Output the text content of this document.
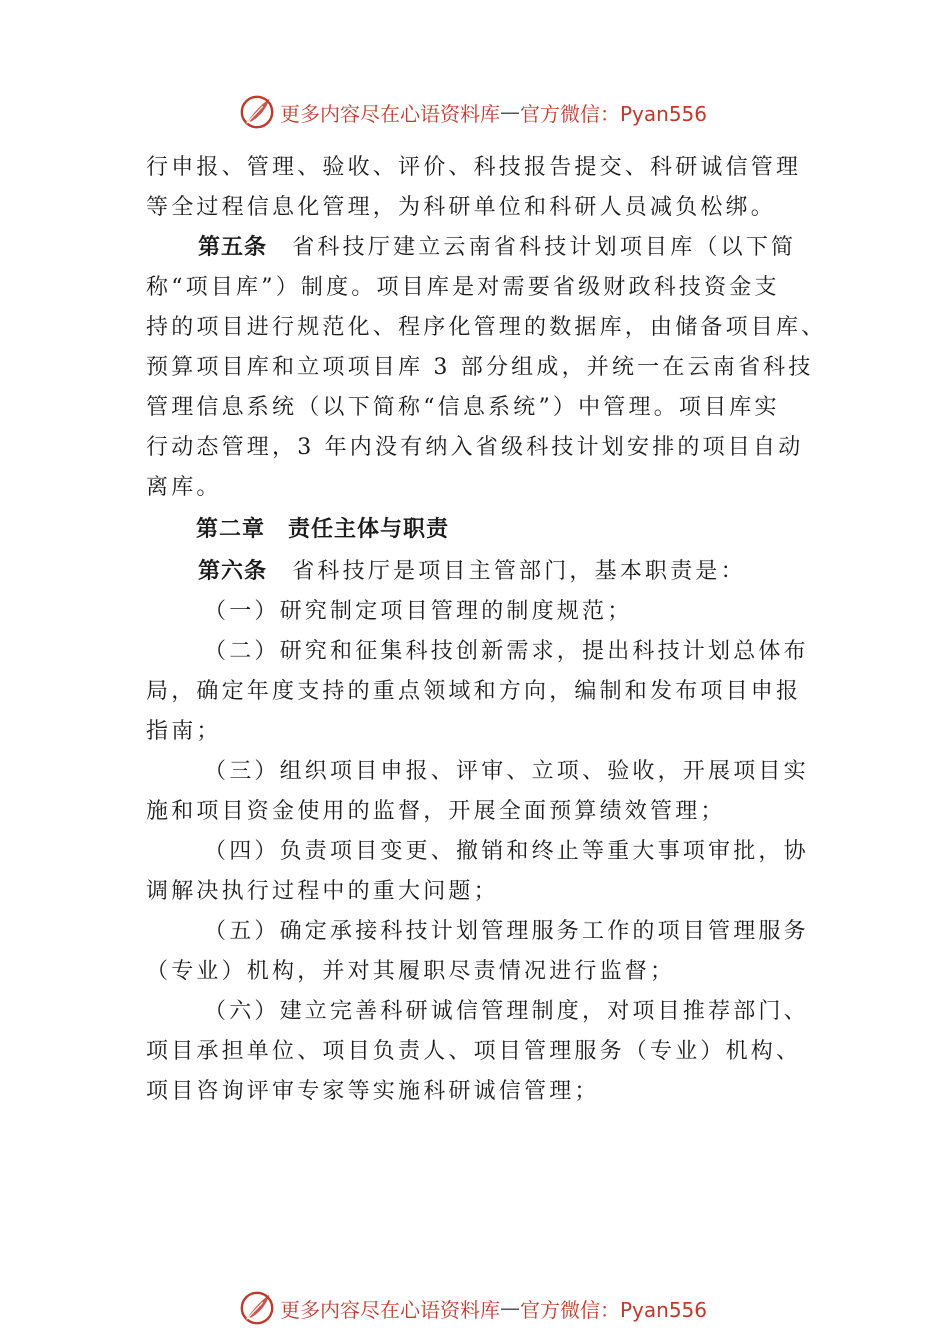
更多内容尽在心语资料库 — 官方微信：Pyan556
行申报、管理、验收、评价、科技报告提交、科研诚信管理
等全过程信息化管理，为科研单位和科研人员减负松绑。
第五条　 省科技厅建立云南省科技计划项目库（以下简
称“项目库”）制度。项目库是对需要省级财政科技资金支
持的项目进行规范化、程序化管理的数据库，由储备项目库、
预算项目库和立项项目库 3 部分组成，并统一在云南省科技
管理信息系统（以下简称“信息系统”）中管理。项目库实
行动态管理，3 年内没有纳入省级科技计划安排的项目自动
离库。
第二章　责任主体与职责
第六条　 省科技厅是项目主管部门，基本职责是：
（一）研究制定项目管理的制度规范；
（二）研究和征集科技创新需求，提出科技计划总体布
局，确定年度支持的重点领域和方向，编制和发布项目申报
指南；
（三）组织项目申报、评审、立项、验收，开展项目实
施和项目资金使用的监督，开展全面预算绩效管理；
（四）负责项目变更、撤销和终止等重大事项审批，协
调解决执行过程中的重大问题；
（五）确定承接科技计划管理服务工作的项目管理服务
（专业）机构，并对其履职尽责情况进行监督；
（六）建立完善科研诚信管理制度，对项目推荐部门、
项目承担单位、项目负责人、项目管理服务（专业）机构、
项目咨询评审专家等实施科研诚信管理；
更多内容尽在心语资料库 — 官方微信：Pyan556
